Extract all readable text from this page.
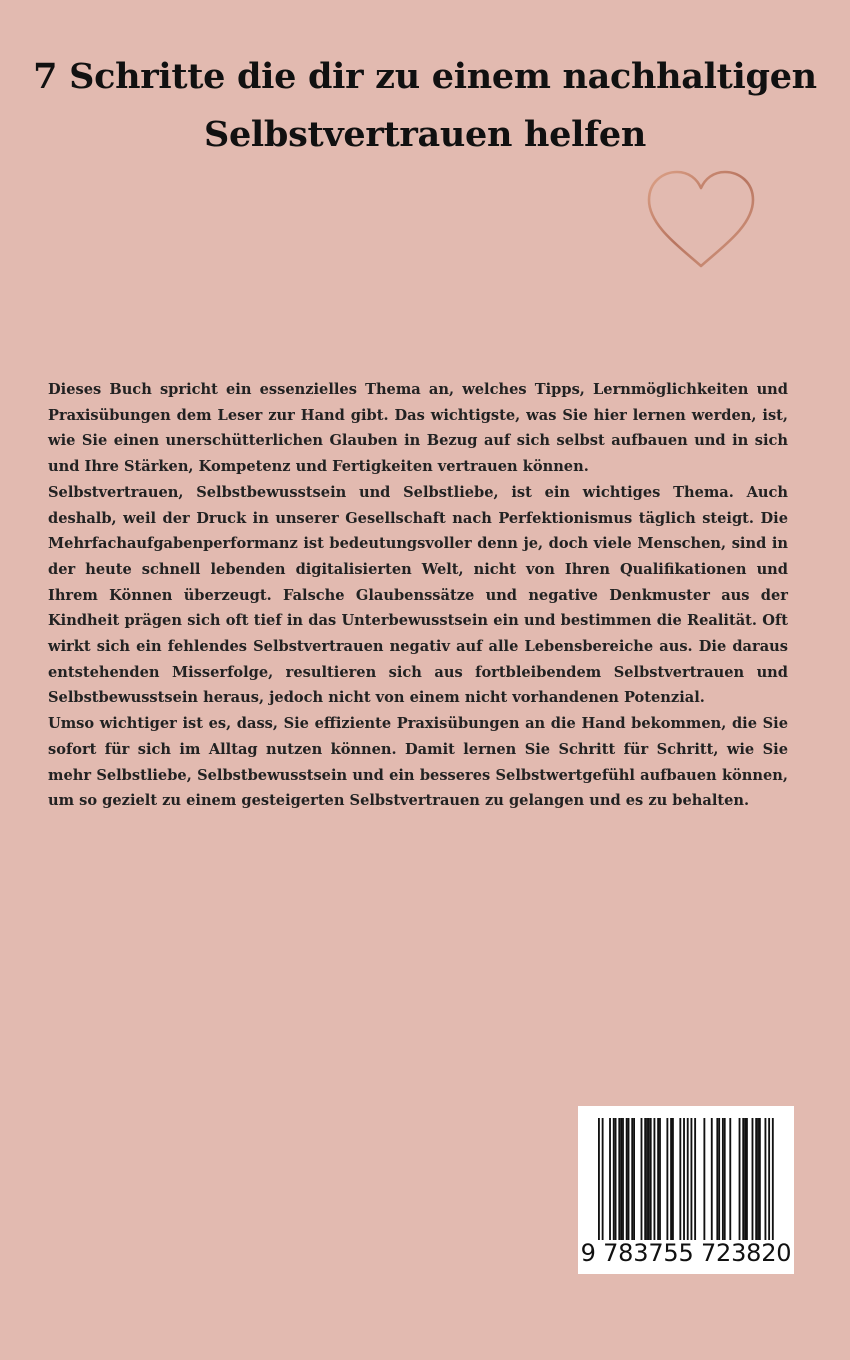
7 Schritte die dir zu einem nachhaltigen
Selbstvertrauen helfen

Dieses Buch spricht ein essenzielles Thema an, welches Tipps, Lernmöglichkeiten und Praxisübungen dem Leser zur Hand gibt. Das wichtigste, was Sie hier lernen werden, ist, wie Sie einen unerschütterlichen Glauben in Bezug auf sich selbst aufbauen und in sich und Ihre Stärken, Kompetenz und Fertigkeiten vertrauen können.

Selbstvertrauen, Selbstbewusstsein und Selbstliebe, ist ein wichtiges Thema. Auch deshalb, weil der Druck in unserer Gesellschaft nach Perfektionismus täglich steigt. Die Mehrfachaufgabenperformanz ist bedeutungsvoller denn je, doch viele Menschen, sind in der heute schnell lebenden digitalisierten Welt, nicht von Ihren Qualifikationen und Ihrem Können überzeugt. Falsche Glaubenssätze und negative Denkmuster aus der Kindheit prägen sich oft tief in das Unterbewusstsein ein und bestimmen die Realität. Oft wirkt sich ein fehlendes Selbstvertrauen negativ auf alle Lebensbereiche aus. Die daraus entstehenden Misserfolge, resultieren sich aus fortbleibendem Selbstvertrauen und Selbstbewusstsein heraus, jedoch nicht von einem nicht vorhandenen Potenzial.

Umso wichtiger ist es, dass, Sie effiziente Praxisübungen an die Hand bekommen, die Sie sofort für sich im Alltag nutzen können. Damit lernen Sie Schritt für Schritt, wie Sie mehr Selbstliebe, Selbstbewusstsein und ein besseres Selbstwertgefühl aufbauen können, um so gezielt zu einem gesteigerten Selbstvertrauen zu gelangen und es zu behalten.

9 783755 723820
